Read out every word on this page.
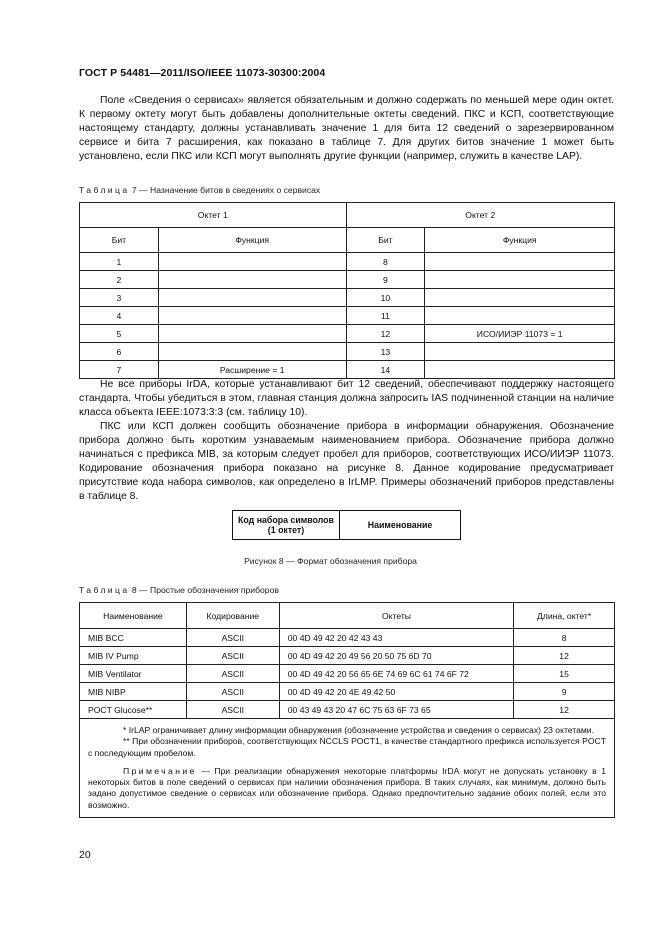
ГОСТ Р 54481—2011/ISO/IEEE 11073-30300:2004

Поле «Сведения о сервисах» является обязательным и должно содержать по меньшей мере один октет. К первому октету могут быть добавлены дополнительные октеты сведений. ПКС и КСП, соответствующие настоящему стандарту, должны устанавливать значение 1 для бита 12 сведений о зарезервированном сервисе и бита 7 расширения, как показано в таблице 7. Для других битов значение 1 может быть установлено, если ПКС или КСП могут выполнять другие функции (например, служить в качестве LAP).

Таблица 7 — Назначение битов в сведениях о сервисах
Октет 1		Октет 2	
Бит	Функция	Бит	Функция
1		8	
2		9	
3		10	
4		11	
5		12	ИСО/ИИЭР 11073 = 1
6		13	
7	Расширение = 1	14	

Не все приборы IrDA, которые устанавливают бит 12 сведений, обеспечивают поддержку настоящего стандарта. Чтобы убедиться в этом, главная станция должна запросить IAS подчиненной станции на наличие класса объекта IEEE:1073:3:3 (см. таблицу 10).

ПКС или КСП должен сообщить обозначение прибора в информации обнаружения. Обозначение прибора должно быть коротким узнаваемым наименованием прибора. Обозначение прибора должно начинаться с префикса MIB, за которым следует пробел для приборов, соответствующих ИСО/ИИЭР 11073. Кодирование обозначения прибора показано на рисунке 8. Данное кодирование предусматривает присутствие кода набора символов, как определено в IrLMP. Примеры обозначений приборов представлены в таблице 8.

Код набора символов
(1 октет)	Наименование
Рисунок 8 — Формат обозначения прибора
Таблица 8 — Простые обозначения приборов
Наименование	Кодирование	Октеты	Длина, октет*
MIB BCC	ASCII	00 4D 49 42 20 42 43 43	8
MIB IV Pump	ASCII	00 4D 49 42 20 49 56 20 50 75 6D 70	12
MIB Ventilator	ASCII	00 4D 49 42 20 56 65 6E 74 69 6C 61 74 6F 72	15
MIB NIBP	ASCII	00 4D 49 42 20 4E 49 42 50	9
POCT Glucose**	ASCII	00 43 49 43 20 47 6C 75 63 6F 73 65	12

* IrLAP ограничивает длину информации обнаружения (обозначение устройства и сведения о сервисах) 23 октетами.

** При обозначении приборов, соответствующих NCCLS POCT1, в качестве стандартного префикса используется POCT с последующим пробелом.

Примечание — При реализации обнаружения некоторые платформы IrDA могут не допускать установку в 1 некоторых битов в поле сведений о сервисах при наличии обозначения прибора. В таких случаях, как минимум, должно быть задано допустимое сведение о сервисах или обозначение прибора. Однако предпочтительно задание обоих полей, если это возможно.			

20
